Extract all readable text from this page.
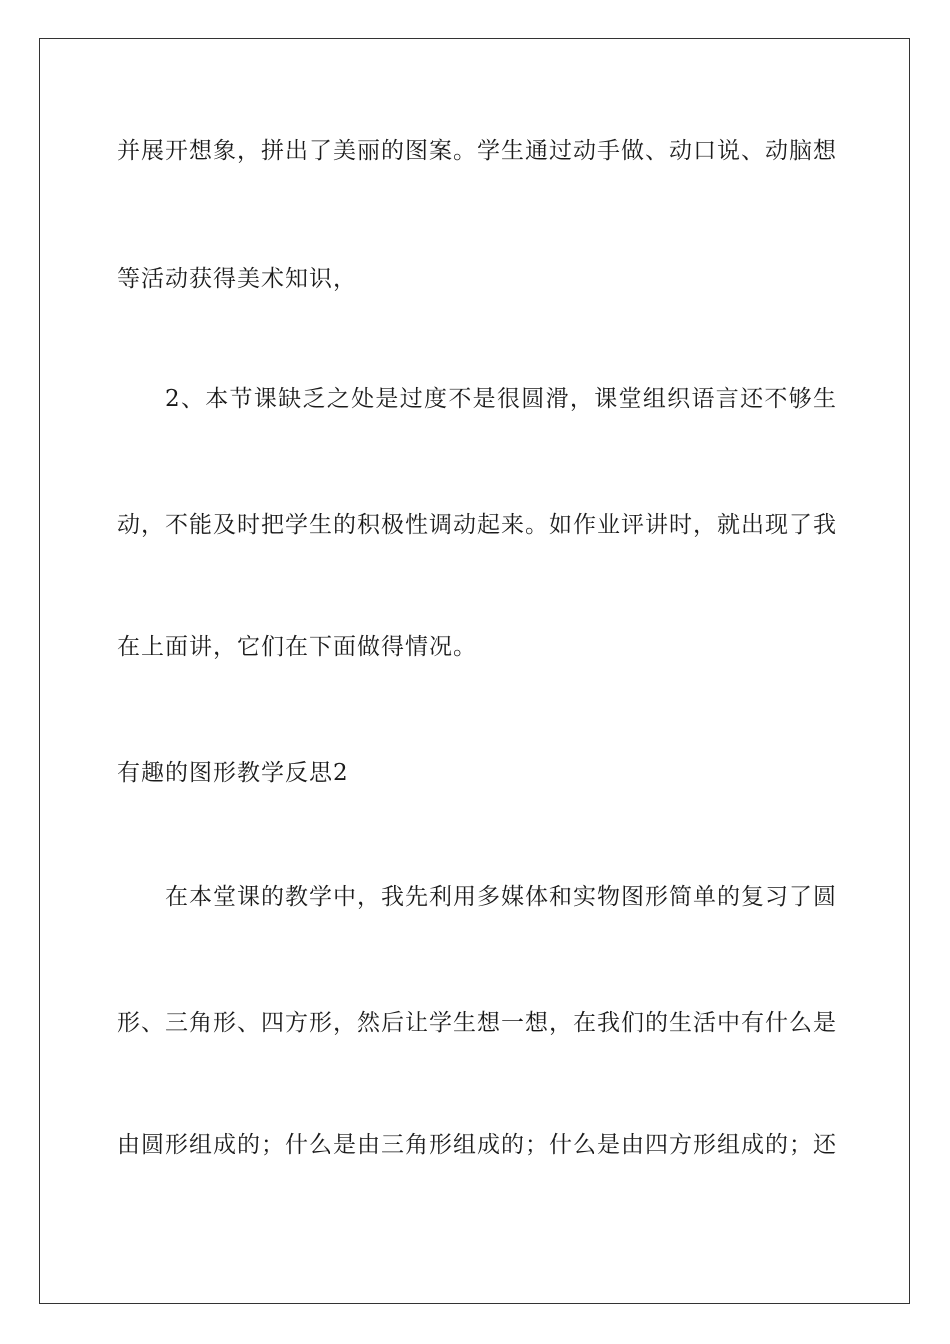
并展开想象，拼出了美丽的图案。学生通过动手做、动口说、动脑想
等活动获得美术知识，
2、本节课缺乏之处是过度不是很圆滑，课堂组织语言还不够生
动，不能及时把学生的积极性调动起来。如作业评讲时，就出现了我
在上面讲，它们在下面做得情况。
有趣的图形教学反思2
在本堂课的教学中，我先利用多媒体和实物图形简单的复习了圆
形、三角形、四方形，然后让学生想一想，在我们的生活中有什么是
由圆形组成的；什么是由三角形组成的；什么是由四方形组成的；还
